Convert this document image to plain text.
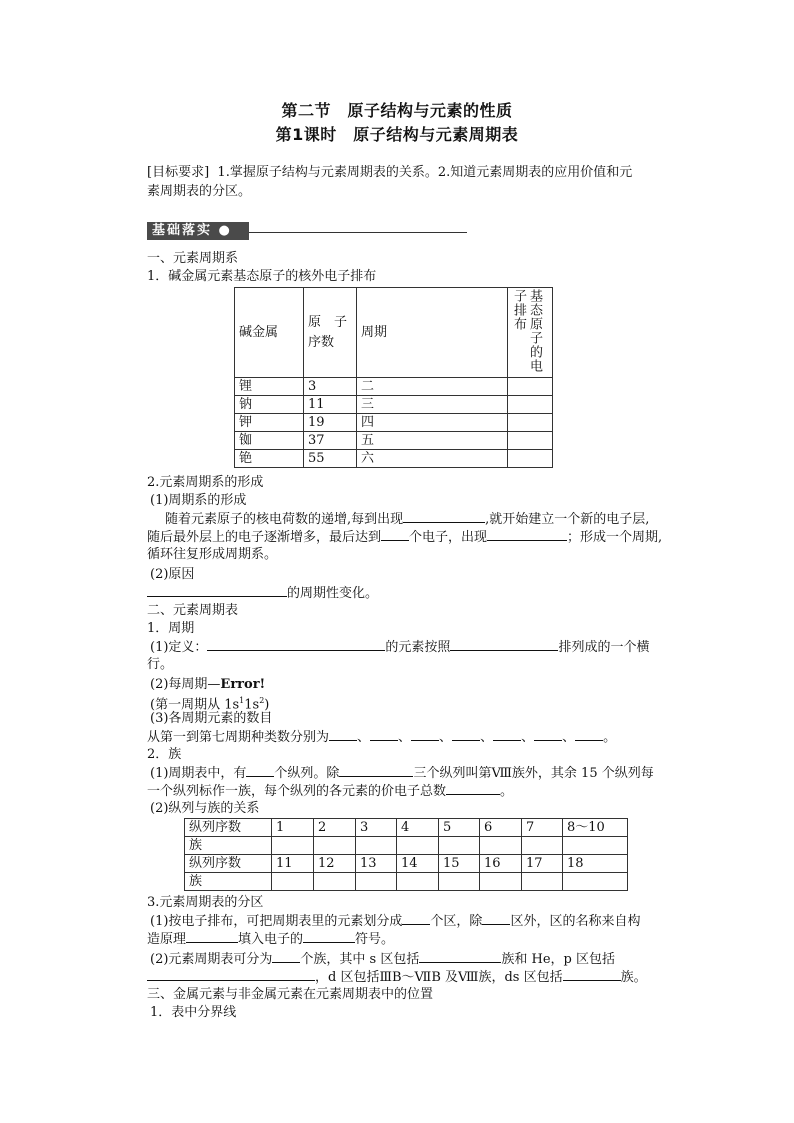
第二节　原子结构与元素的性质
第1课时　原子结构与元素周期表
[目标要求] 1.掌握原子结构与元素周期表的关系。2.知道元素周期表的应用价值和元
素周期表的分区。
基础落实 ●
一、元素周期系
1．碱金属元素基态原子的核外电子排布
碱金属	原　子序数	周期	基态原子的电子排布

锂	3	二	
钠	11	三	
钾	19	四	
铷	37	五	
铯	55	六	
2.元素周期系的形成
(1)周期系的形成
随着元素原子的核电荷数的递增,每到出现	,就开始建立一个新的电子层,
随后最外层上的电子逐渐增多，最后达到 个电子，出现	；形成一个周期,
循环往复形成周期系。
(2)原因
的周期性变化。
二、元素周期表
1．周期
(1)定义：	的元素按照	排列成的一个横
行。
(2)每周期—Error!
(第一周期从 $1s^11s^2$)
(3)各周期元素的数目
从第一到第七周期种类数分别为 、 、 、 、 、 、 。
2．族
(1)周期表中，有 个纵列。除	三个纵列叫第Ⅷ族外，其余 15 个纵列每
一个纵列标作一族，每个纵列的各元素的价电子总数	。
(2)纵列与族的关系
纵列序数	1	2	3	4	5	6	7	8～10
族								
纵列序数	11	12	13	14	15	16	17	18
族								
3.元素周期表的分区
(1)按电子排布，可把周期表里的元素划分成 个区，除 区外，区的名称来自构
造原理	填入电子的	符号。
(2)元素周期表可分为 个族，其中 s 区包括	族和 He，p 区包括
，d 区包括ⅢB～ⅦB 及Ⅷ族，ds 区包括	族。
三、金属元素与非金属元素在元素周期表中的位置
1．表中分界线
